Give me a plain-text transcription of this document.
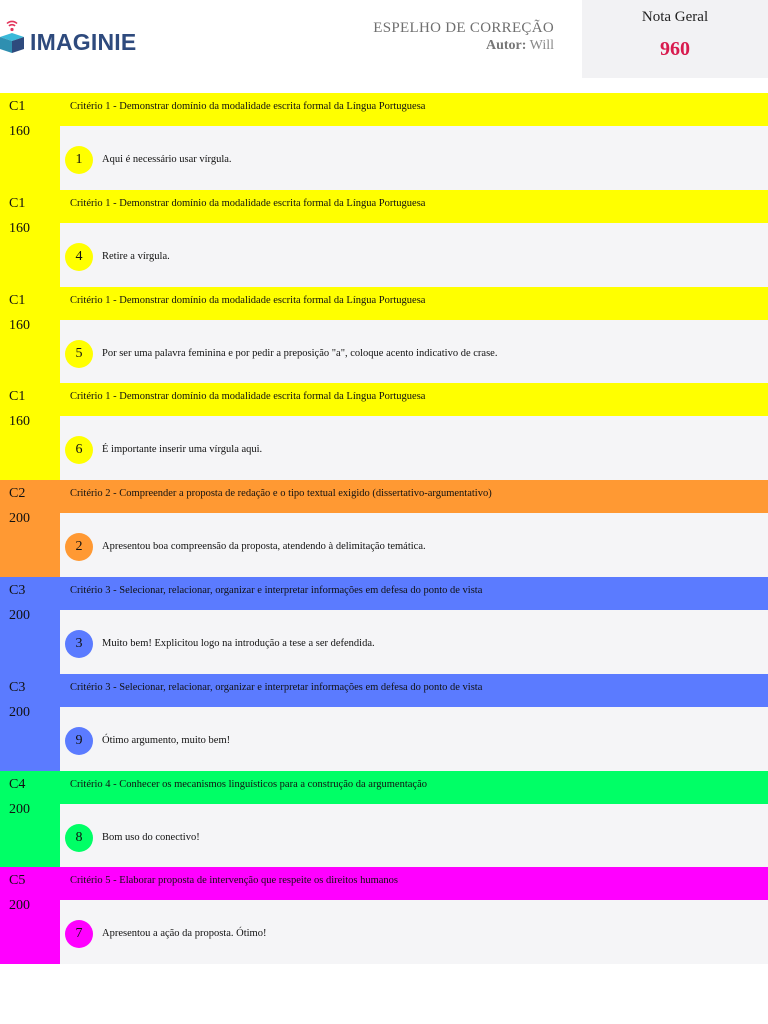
IMAGINIE
ESPELHO DE CORREÇÃO
Autor: Will
Nota Geral
960
C1
160
Critério 1 - Demonstrar domínio da modalidade escrita formal da Língua Portuguesa
1	Aqui é necessário usar vírgula.
C1
160
Critério 1 - Demonstrar domínio da modalidade escrita formal da Língua Portuguesa
4	Retire a vírgula.
C1
160
Critério 1 - Demonstrar domínio da modalidade escrita formal da Língua Portuguesa
5	Por ser uma palavra feminina e por pedir a preposição "a", coloque acento indicativo de crase.
C1
160
Critério 1 - Demonstrar domínio da modalidade escrita formal da Língua Portuguesa
6	É importante inserir uma vírgula aqui.
C2
200
Critério 2 - Compreender a proposta de redação e o tipo textual exigido (dissertativo-argumentativo)
2	Apresentou boa compreensão da proposta, atendendo à delimitação temática.
C3
200
Critério 3 - Selecionar, relacionar, organizar e interpretar informações em defesa do ponto de vista
3	Muito bem! Explicitou logo na introdução a tese a ser defendida.
C3
200
Critério 3 - Selecionar, relacionar, organizar e interpretar informações em defesa do ponto de vista
9	Ótimo argumento, muito bem!
C4
200
Critério 4 - Conhecer os mecanismos linguísticos para a construção da argumentação
8	Bom uso do conectivo!
C5
200
Critério 5 - Elaborar proposta de intervenção que respeite os direitos humanos
7	Apresentou a ação da proposta. Ótimo!
